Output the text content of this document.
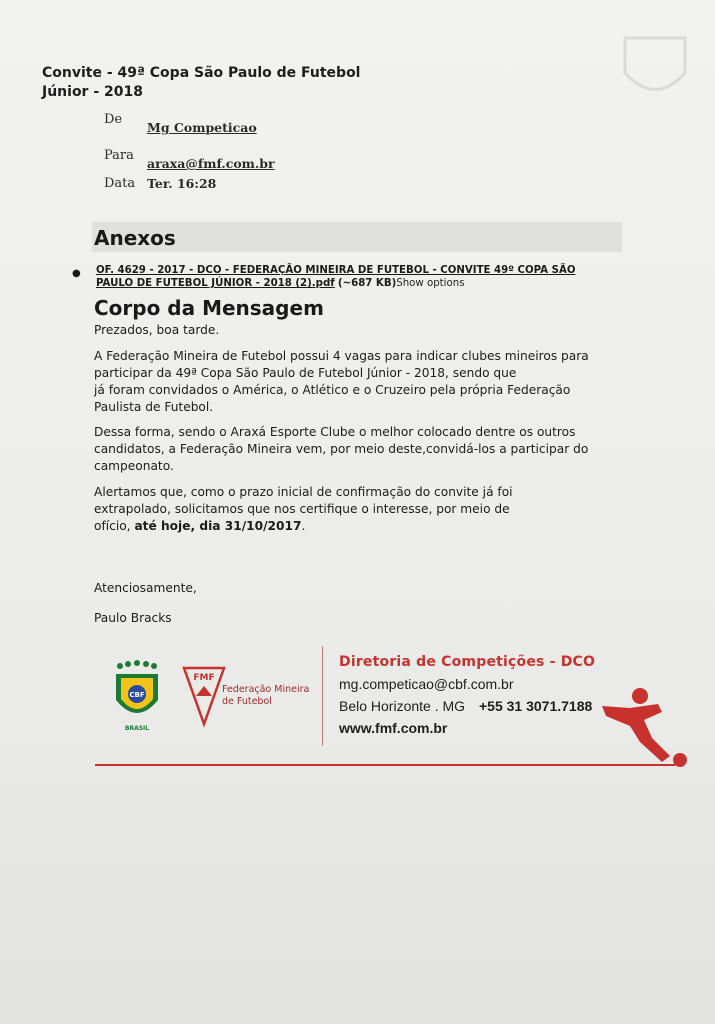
Convite - 49ª Copa São Paulo de Futebol
Júnior - 2018
De
Mg Competicao
Para
araxa@fmf.com.br
Data Ter. 16:28
Anexos
● OF. 4629 - 2017 - DCO - FEDERAÇÃO MINEIRA DE FUTEBOL - CONVITE 49º COPA SÃO
PAULO DE FUTEBOL JÚNIOR - 2018 (2).pdf (~687 KB)Show options
Corpo da Mensagem

Prezados, boa tarde.

A Federação Mineira de Futebol possui 4 vagas para indicar clubes mineiros para

participar da 49ª Copa São Paulo de Futebol Júnior - 2018, sendo que

já foram convidados o América, o Atlético e o Cruzeiro pela própria Federação

Paulista de Futebol.

Dessa forma, sendo o Araxá Esporte Clube o melhor colocado dentre os outros

candidatos, a Federação Mineira vem, por meio deste,convidá-los a participar do

campeonato.

Alertamos que, como o prazo inicial de confirmação do convite já foi

extrapolado, solicitamos que nos certifique o interesse, por meio de

ofício, até hoje, dia 31/10/2017.

Atenciosamente,
Paulo Bracks
CBF
BRASIL
FMF
Federação Mineira
de Futebol
Diretoria de Competições - DCO
mg.competicao@cbf.com.br
Belo Horizonte . MG +55 31 3071.7188
www.fmf.com.br
